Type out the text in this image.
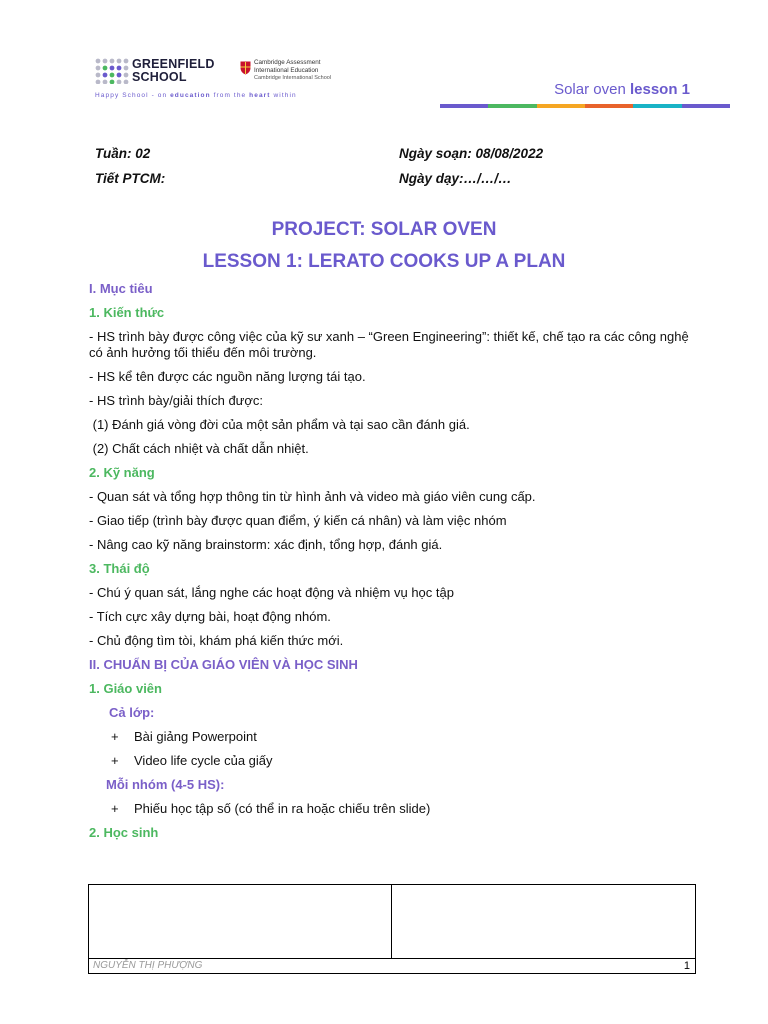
GREENFIELD
SCHOOL
Happy School - on education from the heart within
Cambridge Assessment
International Education
Cambridge International School
Solar oven lesson 1
Tuần: 02	Ngày soạn: 08/08/2022
Tiết PTCM:	Ngày dạy:…/…/…
PROJECT: SOLAR OVEN
LESSON 1: LERATO COOKS UP A PLAN

I. Mục tiêu

1. Kiến thức

- HS trình bày được công việc của kỹ sư xanh – “Green Engineering”: thiết kế, chế tạo ra các công nghệ có ảnh hưởng tối thiểu đến môi trường.

- HS kể tên được các nguồn năng lượng tái tạo.

- HS trình bày/giải thích được:

(1) Đánh giá vòng đời của một sản phẩm và tại sao cần đánh giá.

(2) Chất cách nhiệt và chất dẫn nhiệt.

2. Kỹ năng

- Quan sát và tổng hợp thông tin từ hình ảnh và video mà giáo viên cung cấp.

- Giao tiếp (trình bày được quan điểm, ý kiến cá nhân) và làm việc nhóm

- Nâng cao kỹ năng brainstorm: xác định, tổng hợp, đánh giá.

3. Thái độ

- Chú ý quan sát, lắng nghe các hoạt động và nhiệm vụ học tập

- Tích cực xây dựng bài, hoạt động nhóm.

- Chủ động tìm tòi, khám phá kiến thức mới.

II. CHUẨN BỊ CỦA GIÁO VIÊN VÀ HỌC SINH

1. Giáo viên

Cả lớp:

+	Bài giảng Powerpoint
+	Video life cycle của giấy

Mỗi nhóm (4-5 HS):

+	Phiếu học tập số (có thể in ra hoặc chiếu trên slide)

2. Học sinh

NGUYỄN THỊ PHƯỢNG	1
